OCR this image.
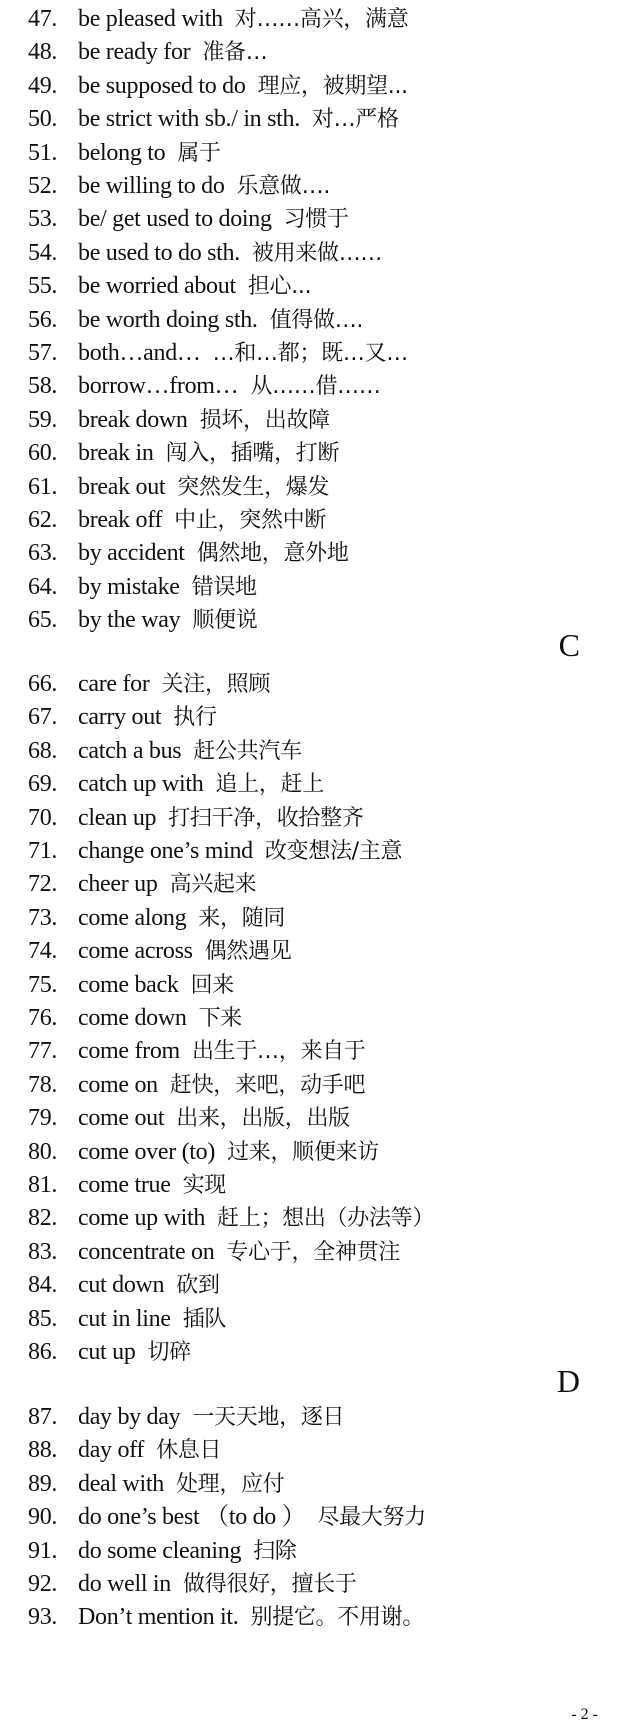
47. be pleased with 对……高兴，满意
48. be ready for 准备…
49. be supposed to do 理应，被期望...
50. be strict with sb./ in sth. 对…严格
51. belong to 属于
52. be willing to do 乐意做….
53. be/ get used to doing 习惯于
54. be used to do sth. 被用来做……
55. be worried about 担心...
56. be worth doing sth. 值得做….
57. both…and… …和…都；既…又…
58. borrow…from… 从……借……
59. break down 损坏，出故障
60. break in 闯入，插嘴，打断
61. break out 突然发生，爆发
62. break off 中止，突然中断
63. by accident 偶然地，意外地
64. by mistake 错误地
65. by the way 顺便说
C
66. care for 关注，照顾
67. carry out 执行
68. catch a bus 赶公共汽车
69. catch up with 追上，赶上
70. clean up 打扫干净，收拾整齐
71. change one’s mind 改变想法/主意
72. cheer up 高兴起来
73. come along 来，随同
74. come across 偶然遇见
75. come back 回来
76. come down 下来
77. come from 出生于…，来自于
78. come on 赶快，来吧，动手吧
79. come out 出来，出版，出版
80. come over (to) 过来，顺便来访
81. come true 实现
82. come up with 赶上；想出（办法等）
83. concentrate on 专心于，全神贯注
84. cut down 砍到
85. cut in line 插队
86. cut up 切碎
D
87. day by day 一天天地，逐日
88. day off 休息日
89. deal with 处理，应付
90. do one’s best （to do ） 尽最大努力
91. do some cleaning 扫除
92. do well in 做得很好，擅长于
93. Don’t mention it. 别提它。不用谢。
- 2 -
